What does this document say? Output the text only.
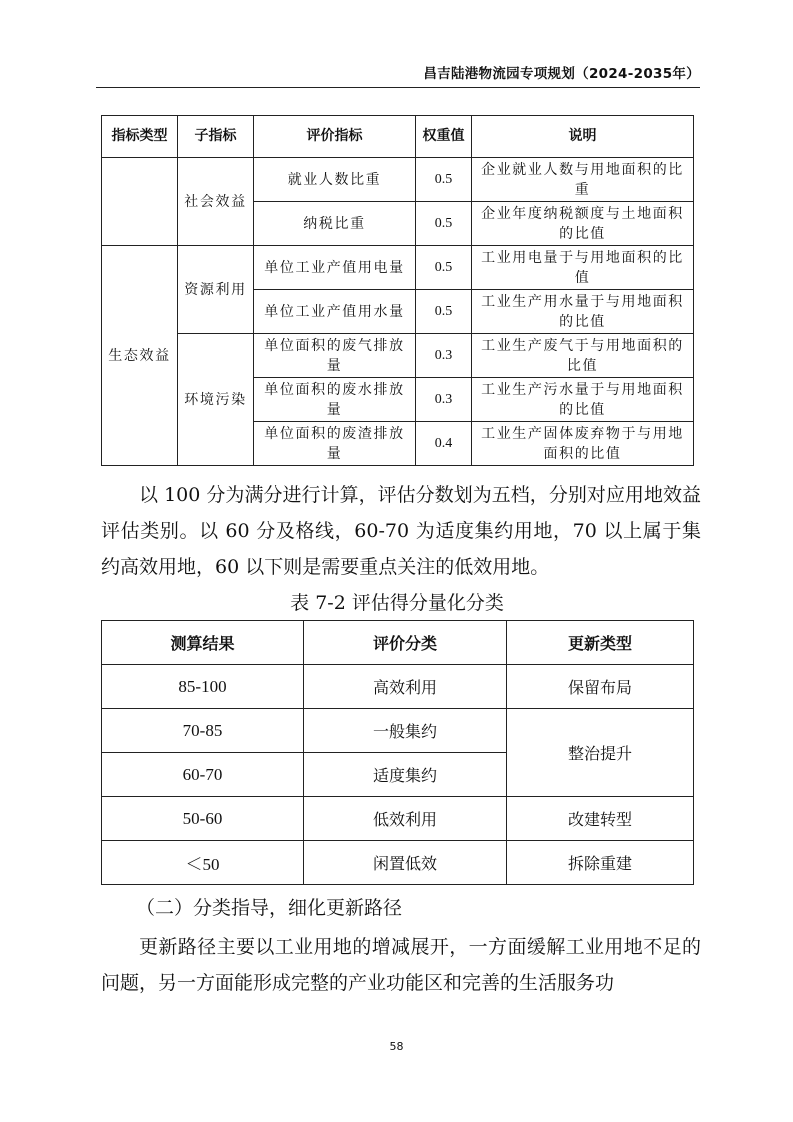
昌吉陆港物流园专项规划（2024-2035年）
指标类型	子指标	评价指标	权重值	说明
	社会效益	就业人数比重	0.5	企业就业人数与用地面积的比重
		纳税比重	0.5	企业年度纳税额度与土地面积的比值
生态效益	资源利用	单位工业产值用电量	0.5	工业用电量于与用地面积的比值
		单位工业产值用水量	0.5	工业生产用水量于与用地面积的比值
	环境污染	单位面积的废气排放量	0.3	工业生产废气于与用地面积的比值
		单位面积的废水排放量	0.3	工业生产污水量于与用地面积的比值
		单位面积的废渣排放量	0.4	工业生产固体废弃物于与用地面积的比值

以 100 分为满分进行计算，评估分数划为五档，分别对应用地效益评估类别。以 60 分及格线，60-70 为适度集约用地，70 以上属于集约高效用地，60 以下则是需要重点关注的低效用地。

表 7-2 评估得分量化分类
测算结果	评价分类	更新类型
85-100	高效利用	保留布局
70-85	一般集约	整治提升
60-70	适度集约	
50-60	低效利用	改建转型
＜50	闲置低效	拆除重建

（二）分类指导，细化更新路径

更新路径主要以工业用地的增减展开，一方面缓解工业用地不足的问题，另一方面能形成完整的产业功能区和完善的生活服务功

58
